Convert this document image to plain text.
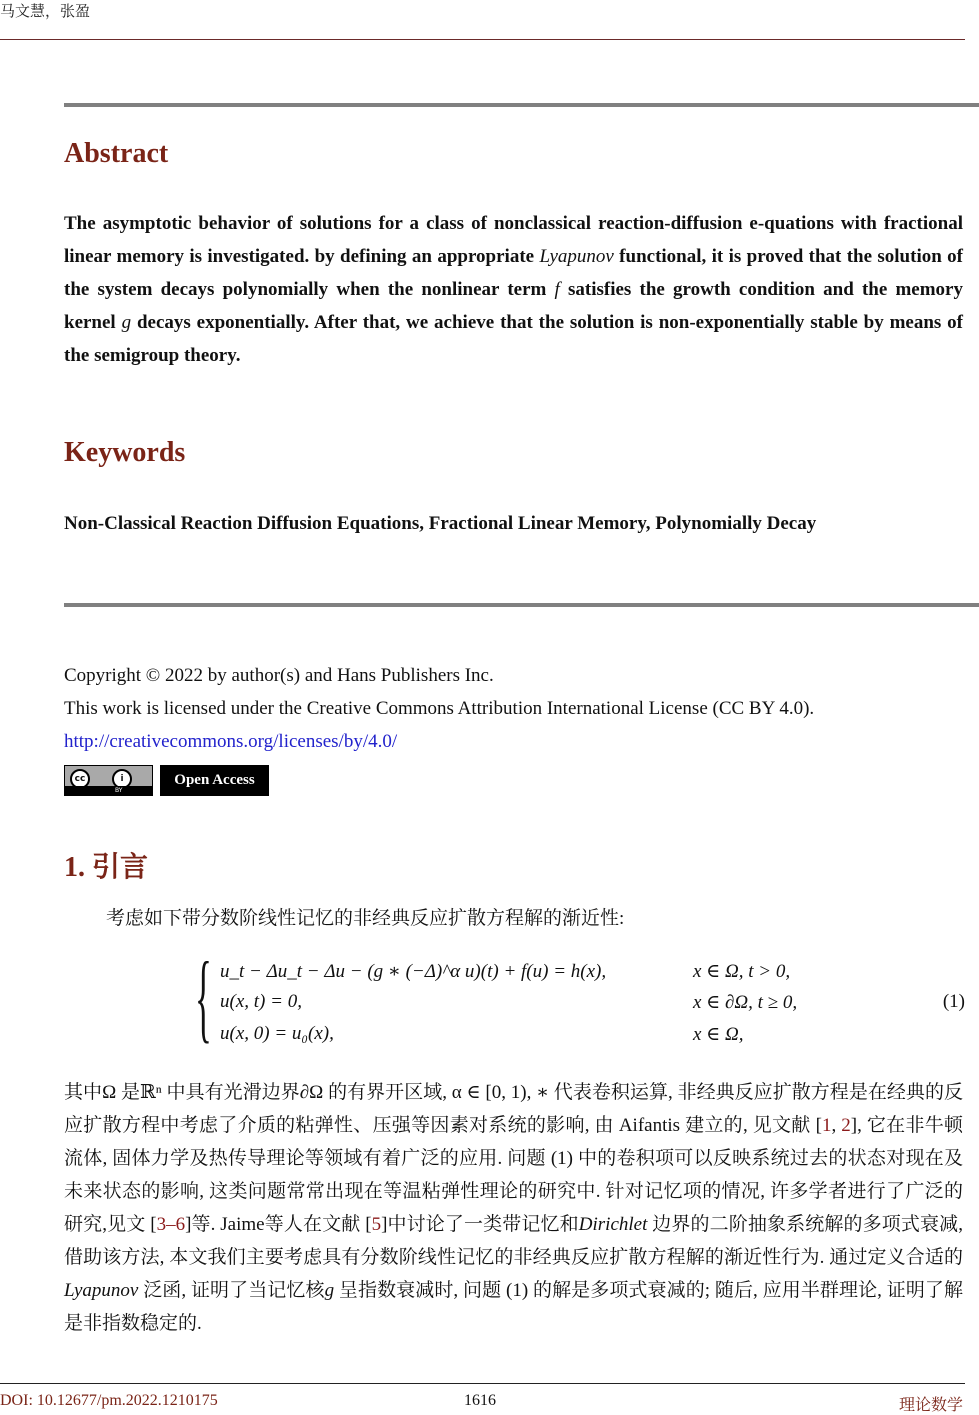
马文慧，张盈
Abstract
The asymptotic behavior of solutions for a class of nonclassical reaction-diffusion e-quations with fractional linear memory is investigated. by defining an appropriate Lyapunov functional, it is proved that the solution of the system decays polynomially when the nonlinear term f satisfies the growth condition and the memory kernel g decays exponentially. After that, we achieve that the solution is non-exponentially stable by means of the semigroup theory.
Keywords
Non-Classical Reaction Diffusion Equations, Fractional Linear Memory, Polynomially Decay
Copyright © 2022 by author(s) and Hans Publishers Inc.
This work is licensed under the Creative Commons Attribution International License (CC BY 4.0).
http://creativecommons.org/licenses/by/4.0/
cc	i
BY
Open Access
1. 引言
考虑如下带分数阶线性记忆的非经典反应扩散方程解的渐近性:
{ u_t − Δu_t − Δu − (g ∗ (−Δ)^α u)(t) + f(u) = h(x),	x ∈ Ω, t > 0,
u(x, t) = 0,	x ∈ ∂Ω, t ≥ 0,
u(x, 0) = u₀(x),	x ∈ Ω,
(1)
其中Ω 是ℝⁿ 中具有光滑边界∂Ω 的有界开区域, α ∈ [0, 1), ∗ 代表卷积运算, 非经典反应扩散方程是在经典的反应扩散方程中考虑了介质的粘弹性、压强等因素对系统的影响, 由 Aifantis 建立的, 见文献 [1, 2], 它在非牛顿流体, 固体力学及热传导理论等领域有着广泛的应用. 问题 (1) 中的卷积项可以反映系统过去的状态对现在及未来状态的影响, 这类问题常常出现在等温粘弹性理论的研究中. 针对记忆项的情况, 许多学者进行了广泛的研究,见文 [3–6]等. Jaime等人在文献 [5]中讨论了一类带记忆和Dirichlet 边界的二阶抽象系统解的多项式衰减, 借助该方法, 本文我们主要考虑具有分数阶线性记忆的非经典反应扩散方程解的渐近性行为. 通过定义合适的 Lyapunov 泛函, 证明了当记忆核g 呈指数衰减时, 问题 (1) 的解是多项式衰减的; 随后, 应用半群理论, 证明了解是非指数稳定的.
DOI: 10.12677/pm.2022.1210175	1616	理论数学
